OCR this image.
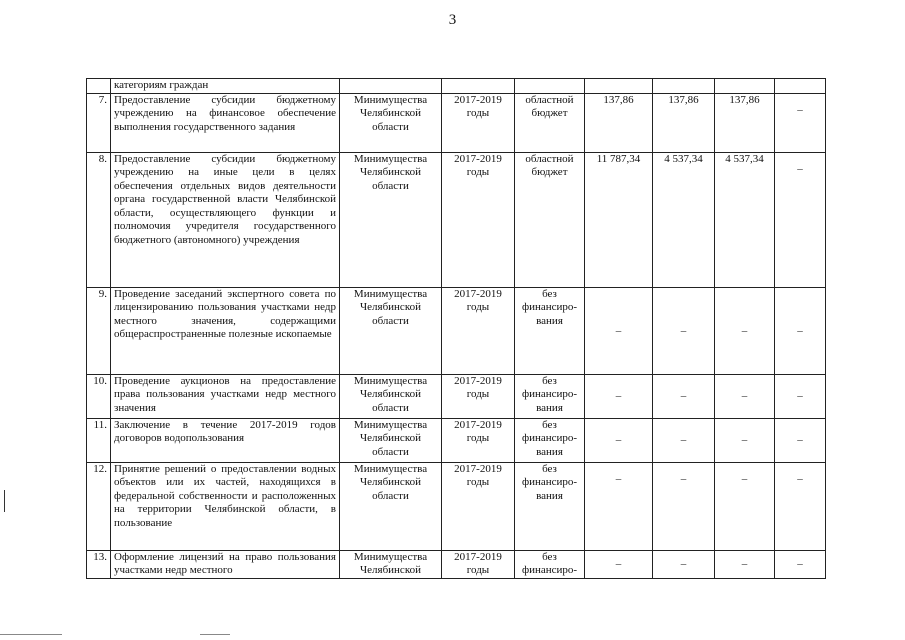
3
	категориям граждан							
7.	Предоставление субсидии бюджетному учреждению на финансовое обеспечение выполнения государственного задания	Минимущества Челябинской области	2017-2019 годы	областной бюджет	137,86	137,86	137,86	–
8.	Предоставление субсидии бюджетному учреждению на иные цели в целях обеспечения отдельных видов деятельности органа государственной власти Челябинской области, осуществляющего функции и полномочия учредителя государственного бюджетного (автономного) учреждения	Минимущества Челябинской области	2017-2019 годы	областной бюджет	11 787,34	4 537,34	4 537,34	–
9.	Проведение заседаний экспертного совета по лицензированию пользования участками недр местного значения, содержащими общераспространенные полезные ископаемые	Минимущества Челябинской области	2017-2019 годы	без финансиро-вания	–	–	–	–
10.	Проведение аукционов на предоставление права пользования участками недр местного значения	Минимущества Челябинской области	2017-2019 годы	без финансиро-вания	–	–	–	–
11.	Заключение в течение 2017-2019 годов договоров водопользования	Минимущества Челябинской области	2017-2019 годы	без финансиро-вания	–	–	–	–
12.	Принятие решений о предоставлении водных объектов или их частей, находящихся в федеральной собственности и расположенных на территории Челябинской области, в пользование	Минимущества Челябинской области	2017-2019 годы	без финансиро-вания	–	–	–	–
13.	Оформление лицензий на право пользования участками недр местного	Минимущества Челябинской	2017-2019 годы	без финансиро-	–	–	–	–
